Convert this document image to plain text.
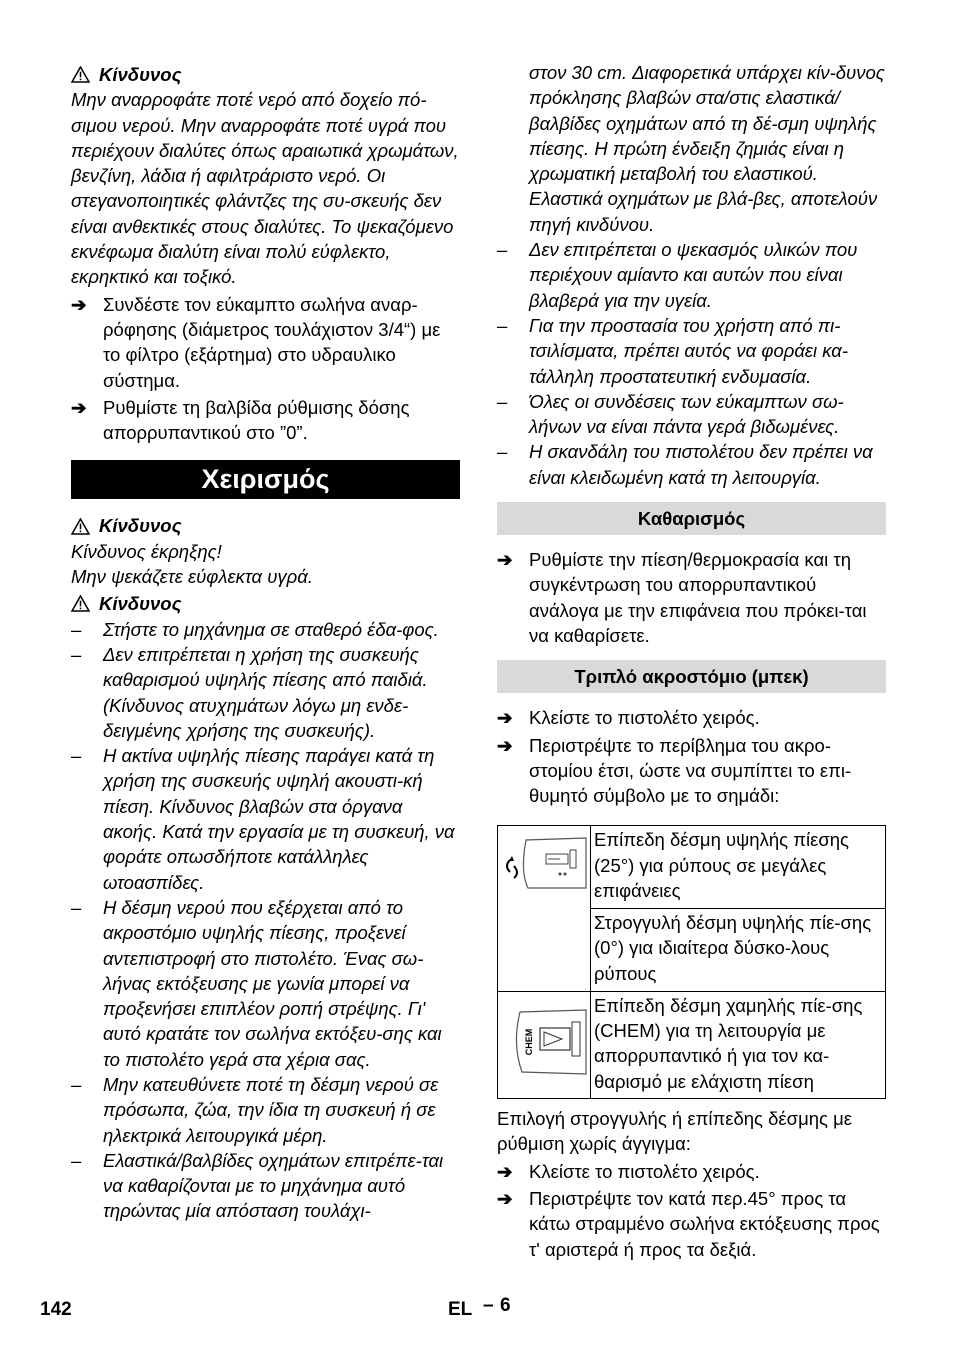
Κίνδυνος

Μην αναρροφάτε ποτέ νερό από δοχείο πό-σιμου νερού. Μην αναρροφάτε ποτέ υγρά που περιέχουν διαλύτες όπως αραιωτικά χρωμάτων, βενζίνη, λάδια ή αφιλτράριστο νερό. Οι στεγανοποιητικές φλάντζες της συ-σκευής δεν είναι ανθεκτικές στους διαλύτες. Το ψεκαζόμενο εκνέφωμα διαλύτη είναι πολύ εύφλεκτο, εκρηκτικό και τοξικό.

➔ Συνδέστε τον εύκαμπτο σωλήνα αναρ-ρόφησης (διάμετρος τουλάχιστον 3/4“) με το φίλτρο (εξάρτημα) στο υδραυλικο σύστημα.
➔ Ρυθμίστε τη βαλβίδα ρύθμισης δόσης απορρυπαντικού στο ”0”.
Χειρισμός
Κίνδυνος

Κίνδυνος έκρηξης!

Μην ψεκάζετε εύφλεκτα υγρά.

Κίνδυνος
–	Στήστε το μηχάνημα σε σταθερό έδα-φος.
–	Δεν επιτρέπεται η χρήση της συσκευής καθαρισμού υψηλής πίεσης από παιδιά. (Κίνδυνος ατυχημάτων λόγω μη ενδε-δειγμένης χρήσης της συσκευής).
–	Η ακτίνα υψηλής πίεσης παράγει κατά τη χρήση της συσκευής υψηλή ακουστι-κή πίεση. Κίνδυνος βλαβών στα όργανα ακοής. Κατά την εργασία με τη συσκευή, να φοράτε οπωσδήποτε κατάλληλες ωτοασπίδες.
–	Η δέσμη νερού που εξέρχεται από το ακροστόμιο υψηλής πίεσης, προξενεί αντεπιστροφή στο πιστολέτο. Ένας σω-λήνας εκτόξευσης με γωνία μπορεί να προξενήσει επιπλέον ροπή στρέψης. Γι' αυτό κρατάτε τον σωλήνα εκτόξευ-σης και το πιστολέτο γερά στα χέρια σας.
–	Μην κατευθύνετε ποτέ τη δέσμη νερού σε πρόσωπα, ζώα, την ίδια τη συσκευή ή σε ηλεκτρικά λειτουργικά μέρη.
–	Ελαστικά/βαλβίδες οχημάτων επιτρέπε-ται να καθαρίζονται με το μηχάνημα αυτό τηρώντας μία απόσταση τουλάχι-
στον 30 cm. Διαφορετικά υπάρχει κίν-δυνος πρόκλησης βλαβών στα/στις ελαστικά/βαλβίδες οχημάτων από τη δέ-σμη υψηλής πίεσης. Η πρώτη ένδειξη ζημιάς είναι η χρωματική μεταβολή του ελαστικού. Ελαστικά οχημάτων με βλά-βες, αποτελούν πηγή κινδύνου.
–	Δεν επιτρέπεται ο ψεκασμός υλικών που περιέχουν αμίαντο και αυτών που είναι βλαβερά για την υγεία.
–	Για την προστασία του χρήστη από πι-τσιλίσματα, πρέπει αυτός να φοράει κα-τάλληλη προστατευτική ενδυμασία.
–	Όλες οι συνδέσεις των εύκαμπτων σω-λήνων να είναι πάντα γερά βιδωμένες.
–	Η σκανδάλη του πιστολέτου δεν πρέπει να είναι κλειδωμένη κατά τη λειτουργία.
Καθαρισμός
➔ Ρυθμίστε την πίεση/θερμοκρασία και τη συγκέντρωση του απορρυπαντικού ανάλογα με την επιφάνεια που πρόκει-ται να καθαρίσετε.
Τριπλό ακροστόμιο (μπεκ)
➔ Κλείστε το πιστολέτο χειρός.
➔ Περιστρέψτε το περίβλημα του ακρο-στομίου έτσι, ώστε να συμπίπτει το επι-θυμητό σύμβολο με το σημάδι:
	Επίπεδη δέσμη υψηλής πίεσης (25°) για ρύπους σε μεγάλες επιφάνειες
	Στρογγυλή δέσμη υψηλής πίε-σης (0°) για ιδιαίτερα δύσκο-λους ρύπους

CHEM	Επίπεδη δέσμη χαμηλής πίε-σης (CHEM) για τη λειτουργία με απορρυπαντικό ή για τον κα-θαρισμό με ελάχιστη πίεση

Επιλογή στρογγυλής ή επίπεδης δέσμης με ρύθμιση χωρίς άγγιγμα:

➔ Κλείστε το πιστολέτο χειρός.
➔ Περιστρέψτε τον κατά περ.45° προς τα κάτω στραμμένο σωλήνα εκτόξευσης προς τ' αριστερά ή προς τα δεξιά.
142	EL – 6
